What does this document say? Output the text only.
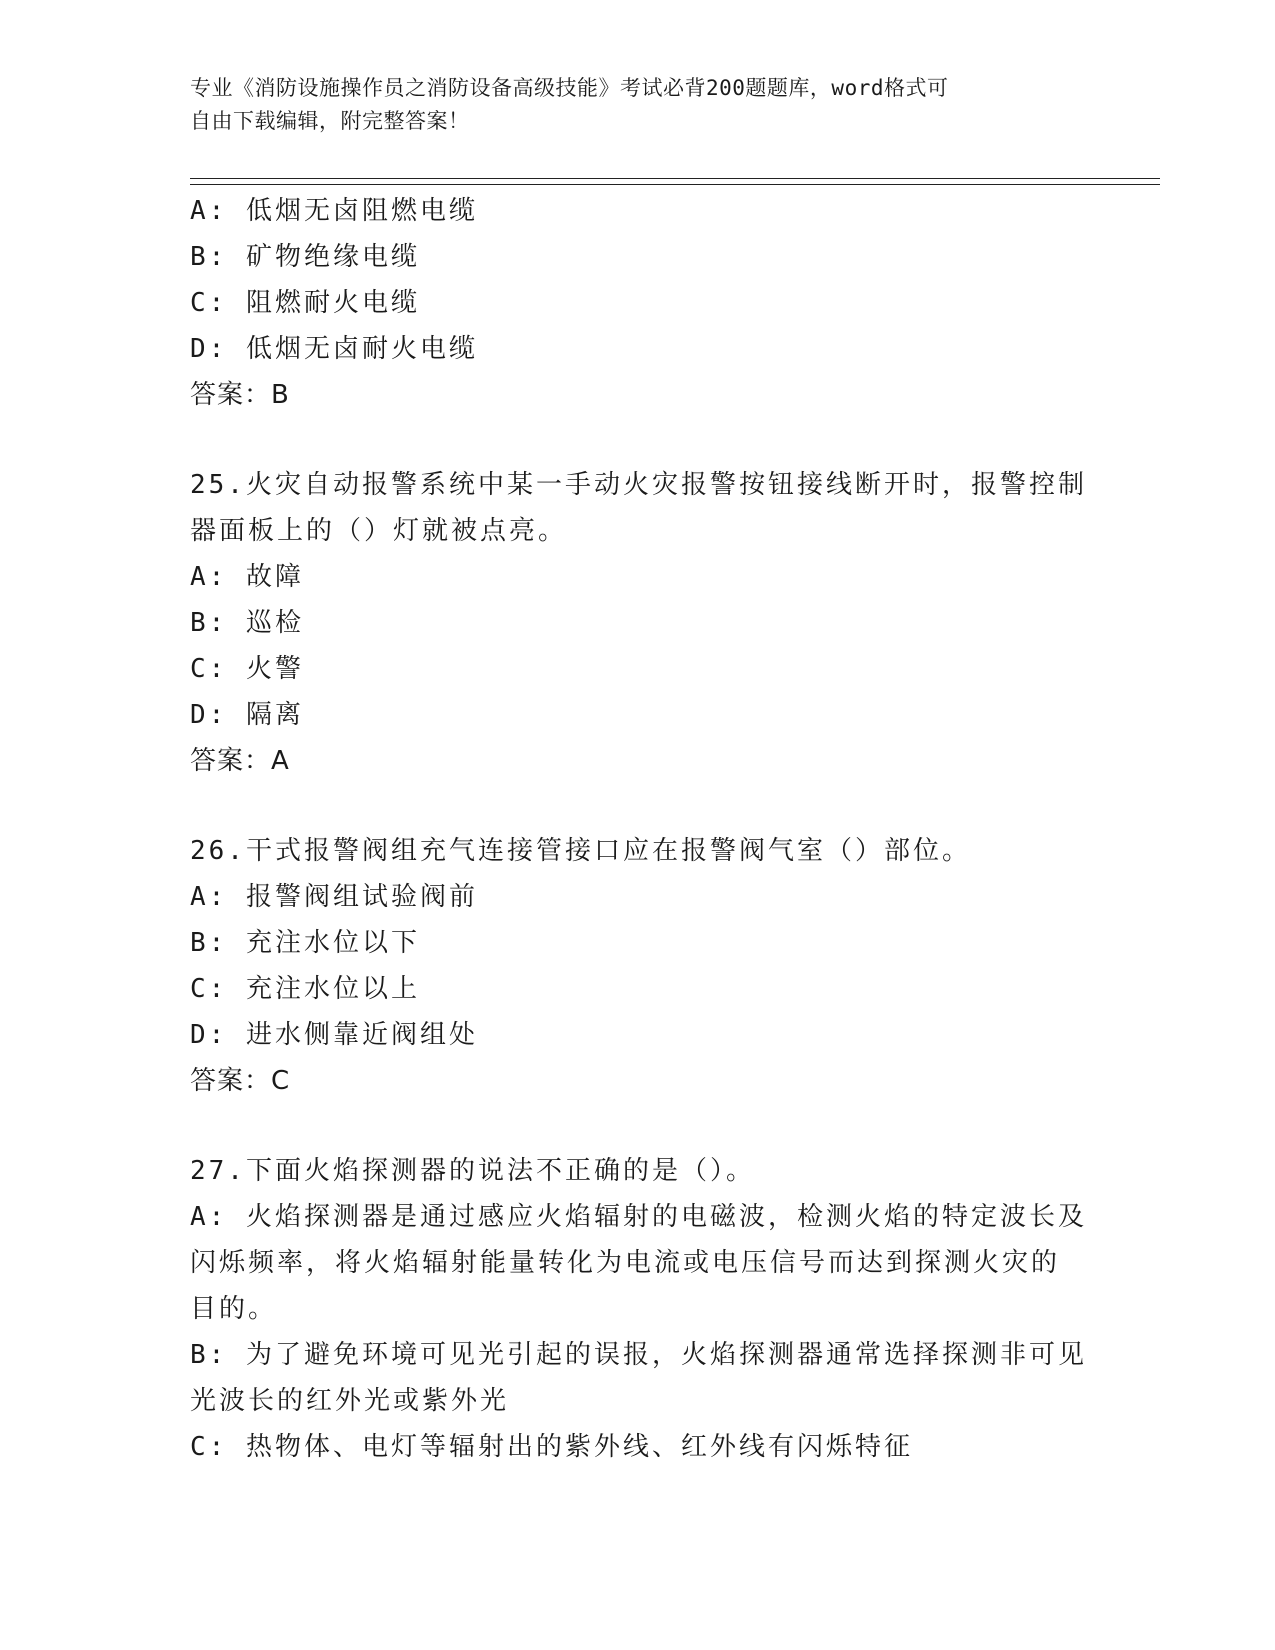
专业《消防设施操作员之消防设备高级技能》考试必背200题题库，word格式可
自由下载编辑，附完整答案！
A: 低烟无卤阻燃电缆
B: 矿物绝缘电缆
C: 阻燃耐火电缆
D: 低烟无卤耐火电缆
答案：B
25.火灾自动报警系统中某一手动火灾报警按钮接线断开时，报警控制
器面板上的（）灯就被点亮。
A: 故障
B: 巡检
C: 火警
D: 隔离
答案：A
26.干式报警阀组充气连接管接口应在报警阀气室（）部位。
A: 报警阀组试验阀前
B: 充注水位以下
C: 充注水位以上
D: 进水侧靠近阀组处
答案：C
27.下面火焰探测器的说法不正确的是（）。
A: 火焰探测器是通过感应火焰辐射的电磁波，检测火焰的特定波长及
闪烁频率，将火焰辐射能量转化为电流或电压信号而达到探测火灾的
目的。
B: 为了避免环境可见光引起的误报，火焰探测器通常选择探测非可见
光波长的红外光或紫外光
C: 热物体、电灯等辐射出的紫外线、红外线有闪烁特征
